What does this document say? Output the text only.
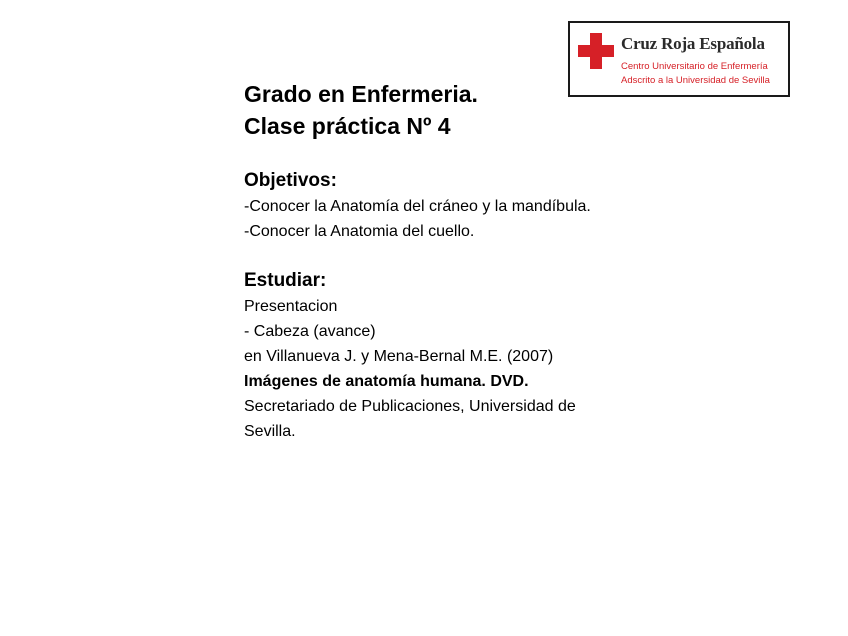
Cruz Roja Española
Centro Universitario de Enfermería
Adscrito a la Universidad de Sevilla

Grado en Enfermeria.

Clase práctica Nº 4

Objetivos:

-Conocer la Anatomía del cráneo y la mandíbula.

-Conocer la Anatomia del cuello.

Estudiar:

Presentacion

- Cabeza (avance)

en Villanueva J. y Mena-Bernal M.E. (2007) Imágenes de anatomía humana. DVD. Secretariado de Publicaciones, Universidad de Sevilla.
